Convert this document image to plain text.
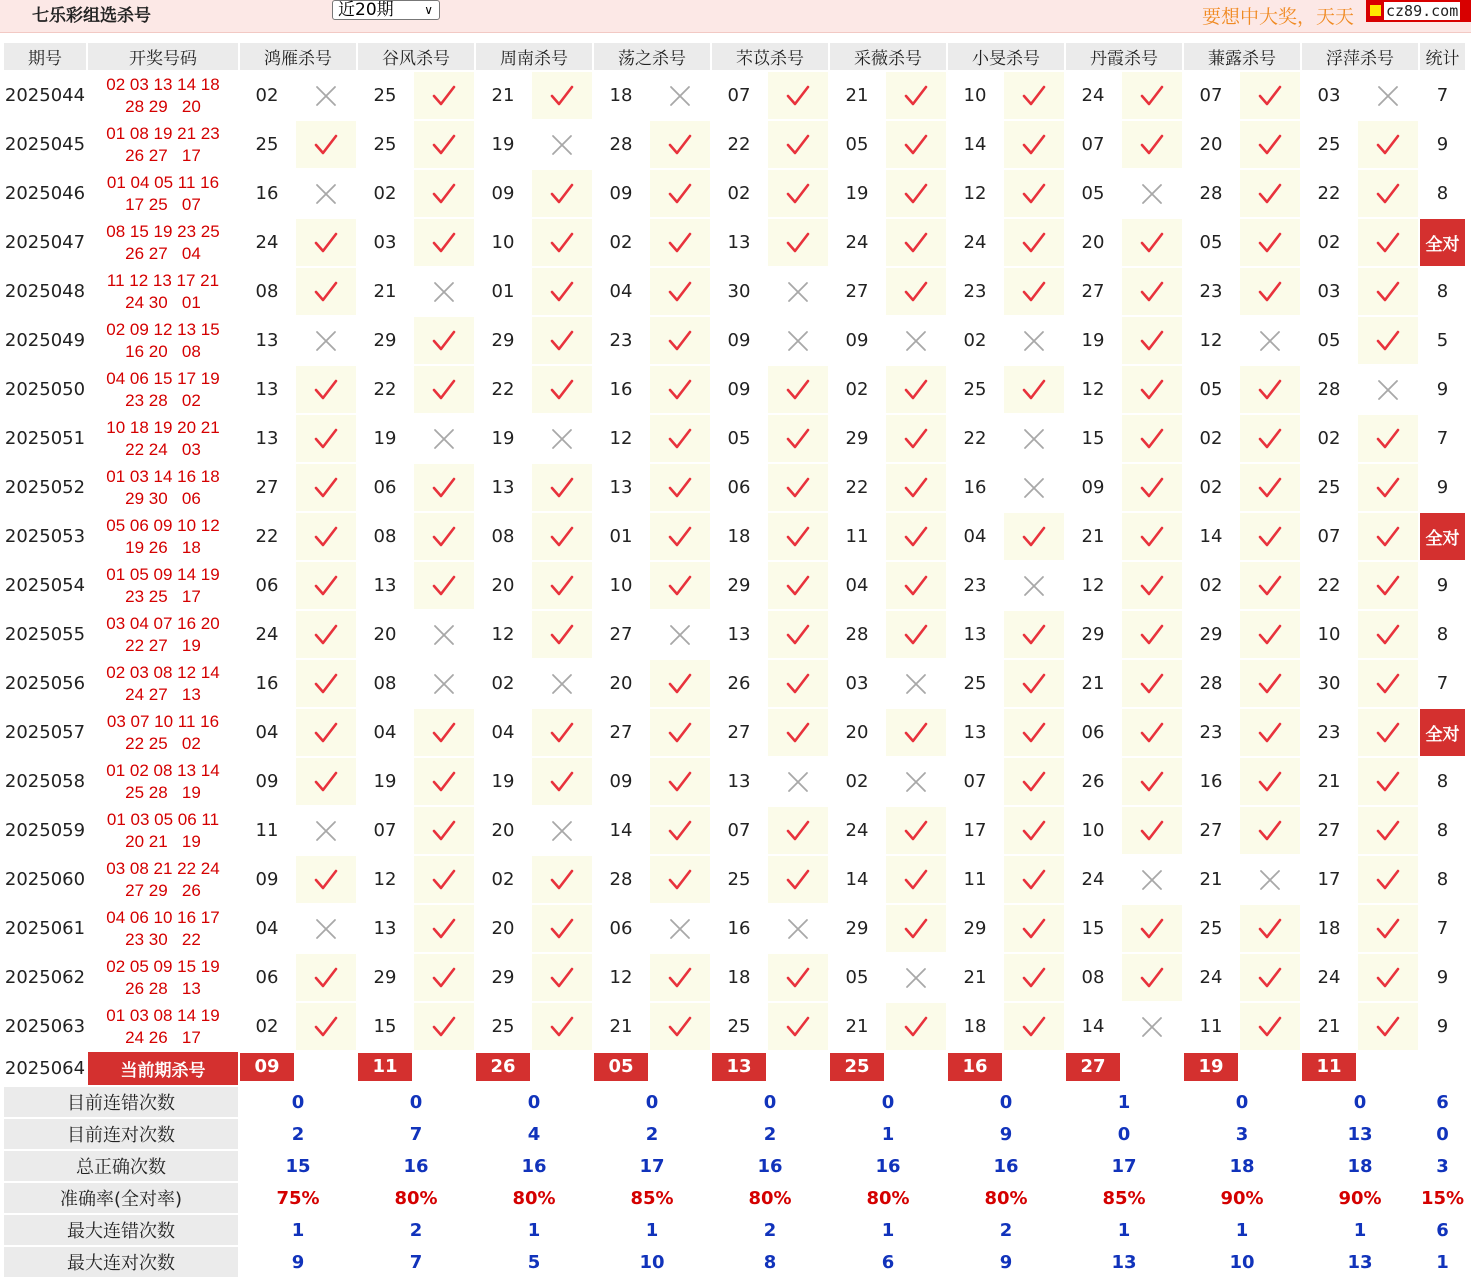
七乐彩组选杀号	近20期	∨	要想中大奖，天天	cz89.com
期号	开奖号码	鸿雁杀号		谷风杀号		周南杀号		荡之杀号		芣苡杀号		采薇杀号		小旻杀号		丹霞杀号		蒹露杀号		浮萍杀号		统计
2025044	02 03 13 14 18
28 29 20	02		25		21		18		07		21		10		24		07		03		7
2025045	01 08 19 21 23
26 27 17	25		25		19		28		22		05		14		07		20		25		9
2025046	01 04 05 11 16
17 25 07	16		02		09		09		02		19		12		05		28		22		8
2025047	08 15 19 23 25
26 27 04	24		03		10		02		13		24		24		20		05		02		全对
2025048	11 12 13 17 21
24 30 01	08		21		01		04		30		27		23		27		23		03		8
2025049	02 09 12 13 15
16 20 08	13		29		29		23		09		09		02		19		12		05		5
2025050	04 06 15 17 19
23 28 02	13		22		22		16		09		02		25		12		05		28		9
2025051	10 18 19 20 21
22 24 03	13		19		19		12		05		29		22		15		02		02		7
2025052	01 03 14 16 18
29 30 06	27		06		13		13		06		22		16		09		02		25		9
2025053	05 06 09 10 12
19 26 18	22		08		08		01		18		11		04		21		14		07		全对
2025054	01 05 09 14 19
23 25 17	06		13		20		10		29		04		23		12		02		22		9
2025055	03 04 07 16 20
22 27 19	24		20		12		27		13		28		13		29		29		10		8
2025056	02 03 08 12 14
24 27 13	16		08		02		20		26		03		25		21		28		30		7
2025057	03 07 10 11 16
22 25 02	04		04		04		27		27		20		13		06		23		23		全对
2025058	01 02 08 13 14
25 28 19	09		19		19		09		13		02		07		26		16		21		8
2025059	01 03 05 06 11
20 21 19	11		07		20		14		07		24		17		10		27		27		8
2025060	03 08 21 22 24
27 29 26	09		12		02		28		25		14		11		24		21		17		8
2025061	04 06 10 16 17
23 30 22	04		13		20		06		16		29		29		15		25		18		7
2025062	02 05 09 15 19
26 28 13	06		29		29		12		18		05		21		08		24		24		9
2025063	01 03 08 14 19
24 26 17	02		15		25		21		25		21		18		14		11		21		9
2025064	当前期杀号	09		11		26		05		13		25		16		27		19		11		

目前连错次数		0		0		0		0		0		0		0		1		0		0		6
目前连对次数		2		7		4		2		2		1		9		0		3		13		0
总正确次数		15		16		16		17		16		16		16		17		18		18		3
准确率(全对率)		75%		80%		80%		85%		80%		80%		80%		85%		90%		90%		15%
最大连错次数		1		2		1		1		2		1		2		1		1		1		6
最大连对次数		9		7		5		10		8		6		9		13		10		13		1
